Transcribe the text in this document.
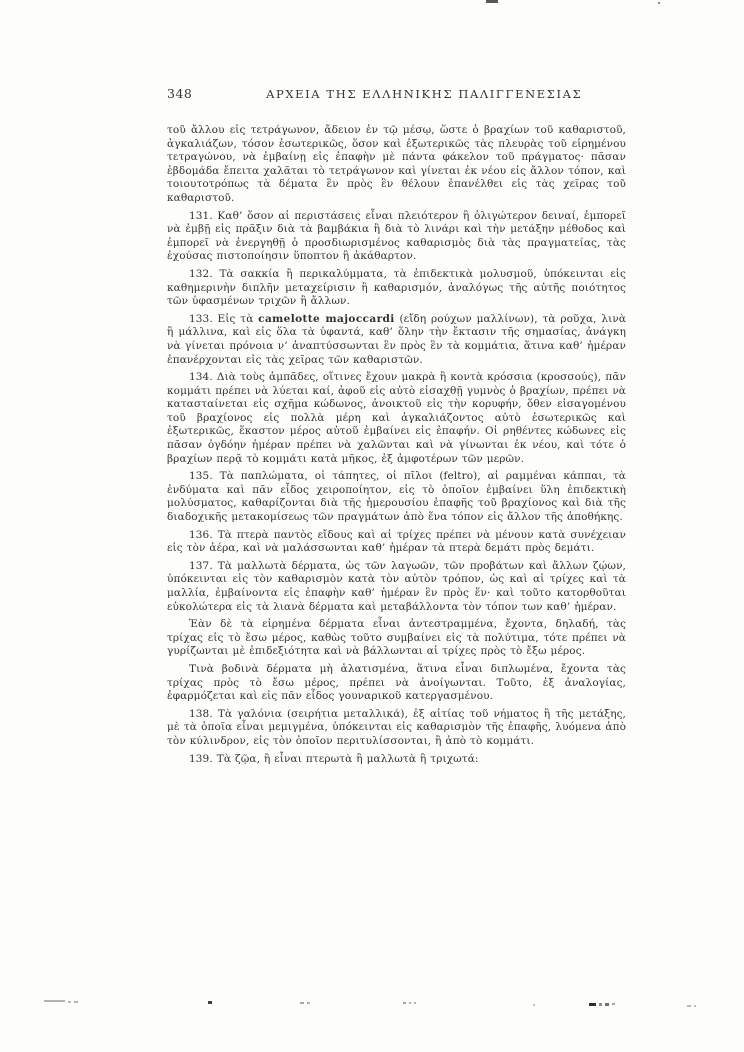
348	ΑΡΧΕΙΑ ΤΗΣ ΕΛΛΗΝΙΚΗΣ ΠΑΛΙΓΓΕΝΕΣΙΑΣ

τοῦ ἄλλου εἰς τετράγωνον, ἄδειον ἐν τῷ μέσῳ, ὥστε ὁ βραχίων τοῦ καθαριστοῦ, ἀγκαλιάζων, τόσον ἐσωτερικῶς, ὅσον καὶ ἐξωτερικῶς τὰς πλευρὰς τοῦ εἰρημένου τετραγώνου, νὰ ἐμβαίνῃ εἰς ἐπαφὴν μὲ πάντα φάκελον τοῦ πράγματος· πᾶσαν ἑβδομάδα ἔπειτα χαλᾶται τὸ τετράγωνον καὶ γίνεται ἐκ νέου εἰς ἄλλον τόπον, καὶ τοιουτοτρόπως τὰ δέματα ἓν πρὸς ἓν θέλουν ἐπανέλθει εἰς τὰς χεῖρας τοῦ καθαριστοῦ.

131. Καθ’ ὅσον αἱ περιστάσεις εἶναι πλειότερον ἢ ὀλιγώτερον δειναί, ἐμπορεῖ νὰ ἐμβῇ εἰς πρᾶξιν διὰ τὰ βαμβάκια ἢ διὰ τὸ λινάρι καὶ τὴν μετάξην μέθοδος καὶ ἐμπορεῖ νὰ ἐνεργηθῇ ὁ προσδιωρισμένος καθαρισμὸς διὰ τὰς πραγματείας, τὰς ἐχούσας πιστοποίησιν ὕποπτον ἢ ἀκάθαρτον.

132. Τὰ σακκία ἢ περικαλύμματα, τὰ ἐπιδεκτικὰ μολυσμοῦ, ὑπόκεινται εἰς καθημερινὴν διπλῆν μεταχείρισιν ἢ καθαρισμόν, ἀναλόγως τῆς αὐτῆς ποιότητος τῶν ὑφασμένων τριχῶν ἢ ἄλλων.

133. Εἰς τὰ camelotte majoccardi (εἴδη ρούχων μαλλίνων), τὰ ροῦχα, λινὰ ἢ μάλλινα, καὶ εἰς ὅλα τὰ ὑφαντά, καθ’ ὅλην τὴν ἔκτασιν τῆς σημασίας, ἀνάγκη νὰ γίνεται πρόνοια ν’ ἀναπτύσσωνται ἓν πρὸς ἓν τὰ κομμάτια, ἅτινα καθ’ ἡμέραν ἐπανέρχονται εἰς τὰς χεῖρας τῶν καθαριστῶν.

134. Διὰ τοὺς ἀμπᾶδες, οἵτινες ἔχουν μακρὰ ἢ κοντὰ κρόσσια (κροσσούς), πᾶν κομμάτι πρέπει νὰ λύεται καί, ἀφοῦ εἰς αὐτὸ εἰσαχθῇ γυμνὸς ὁ βραχίων, πρέπει νὰ κατασταίνεται εἰς σχῆμα κώδωνος, ἀνοικτοῦ εἰς τὴν κορυφήν, ὅθεν εἰσαγομένου τοῦ βραχίονος εἰς πολλὰ μέρη καὶ ἀγκαλιάζοντος αὐτὸ ἐσωτερικῶς καὶ ἐξωτερικῶς, ἕκαστον μέρος αὐτοῦ ἐμβαίνει εἰς ἐπαφήν. Οἱ ρηθέντες κώδωνες εἰς πᾶσαν ὀγδόην ἡμέραν πρέπει νὰ χαλῶνται καὶ νὰ γίνωνται ἐκ νέου, καὶ τότε ὁ βραχίων περᾷ τὸ κομμάτι κατὰ μῆκος, ἐξ ἀμφοτέρων τῶν μερῶν.

135. Τὰ παπλώματα, οἱ τάπητες, οἱ πῖλοι (feltro), αἱ ραμμέναι κάππαι, τὰ ἐνδύματα καὶ πᾶν εἶδος χειροποίητον, εἰς τὸ ὁποῖον ἐμβαίνει ὕλη ἐπιδεκτικὴ μολύσματος, καθαρίζονται διὰ τῆς ἡμερουσίου ἐπαφῆς τοῦ βραχίονος καὶ διὰ τῆς διαδοχικῆς μετακομίσεως τῶν πραγμάτων ἀπὸ ἕνα τόπον εἰς ἄλλον τῆς ἀποθήκης.

136. Τὰ πτερὰ παντὸς εἴδους καὶ αἱ τρίχες πρέπει νὰ μένουν κατὰ συνέχειαν εἰς τὸν ἀέρα, καὶ νὰ μαλάσσωνται καθ’ ἡμέραν τὰ πτερὰ δεμάτι πρὸς δεμάτι.

137. Τὰ μαλλωτὰ δέρματα, ὡς τῶν λαγωῶν, τῶν προβάτων καὶ ἄλλων ζῴων, ὑπόκεινται εἰς τὸν καθαρισμὸν κατὰ τὸν αὐτὸν τρόπον, ὡς καὶ αἱ τρίχες καὶ τὰ μαλλία, ἐμβαίνοντα εἰς ἐπαφὴν καθ’ ἡμέραν ἓν πρὸς ἕν· καὶ τοῦτο κατορθοῦται εὐκολώτερα εἰς τὰ λιανὰ δέρματα καὶ μεταβάλλοντα τὸν τόπον των καθ’ ἡμέραν.

Ἐὰν δὲ τὰ εἰρημένα δέρματα εἶναι ἀντεστραμμένα, ἔχοντα, δηλαδή, τὰς τρίχας εἰς τὸ ἔσω μέρος, καθὼς τοῦτο συμβαίνει εἰς τὰ πολύτιμα, τότε πρέπει νὰ γυρίζωνται μὲ ἐπιδεξιότητα καὶ νὰ βάλλωνται αἱ τρίχες πρὸς τὸ ἔξω μέρος.

Τινὰ βοδινὰ δέρματα μὴ ἁλατισμένα, ἅτινα εἶναι διπλωμένα, ἔχοντα τὰς τρίχας πρὸς τὸ ἔσω μέρος, πρέπει νὰ ἀνοίγωνται. Τοῦτο, ἐξ ἀναλογίας, ἐφαρμόζεται καὶ εἰς πᾶν εἶδος γουναρικοῦ κατεργασμένου.

138. Τὰ γαλόνια (σειρήτια μεταλλικά), ἐξ αἰτίας τοῦ νήματος ἢ τῆς μετάξης, μὲ τὰ ὁποῖα εἶναι μεμιγμένα, ὑπόκεινται εἰς καθαρισμὸν τῆς ἐπαφῆς, λυόμενα ἀπὸ τὸν κύλινδρον, εἰς τὸν ὁποῖον περιτυλίσσονται, ἢ ἀπὸ τὸ κομμάτι.

139. Τὰ ζῷα, ἢ εἶναι πτερωτὰ ἢ μαλλωτὰ ἢ τριχωτά:
